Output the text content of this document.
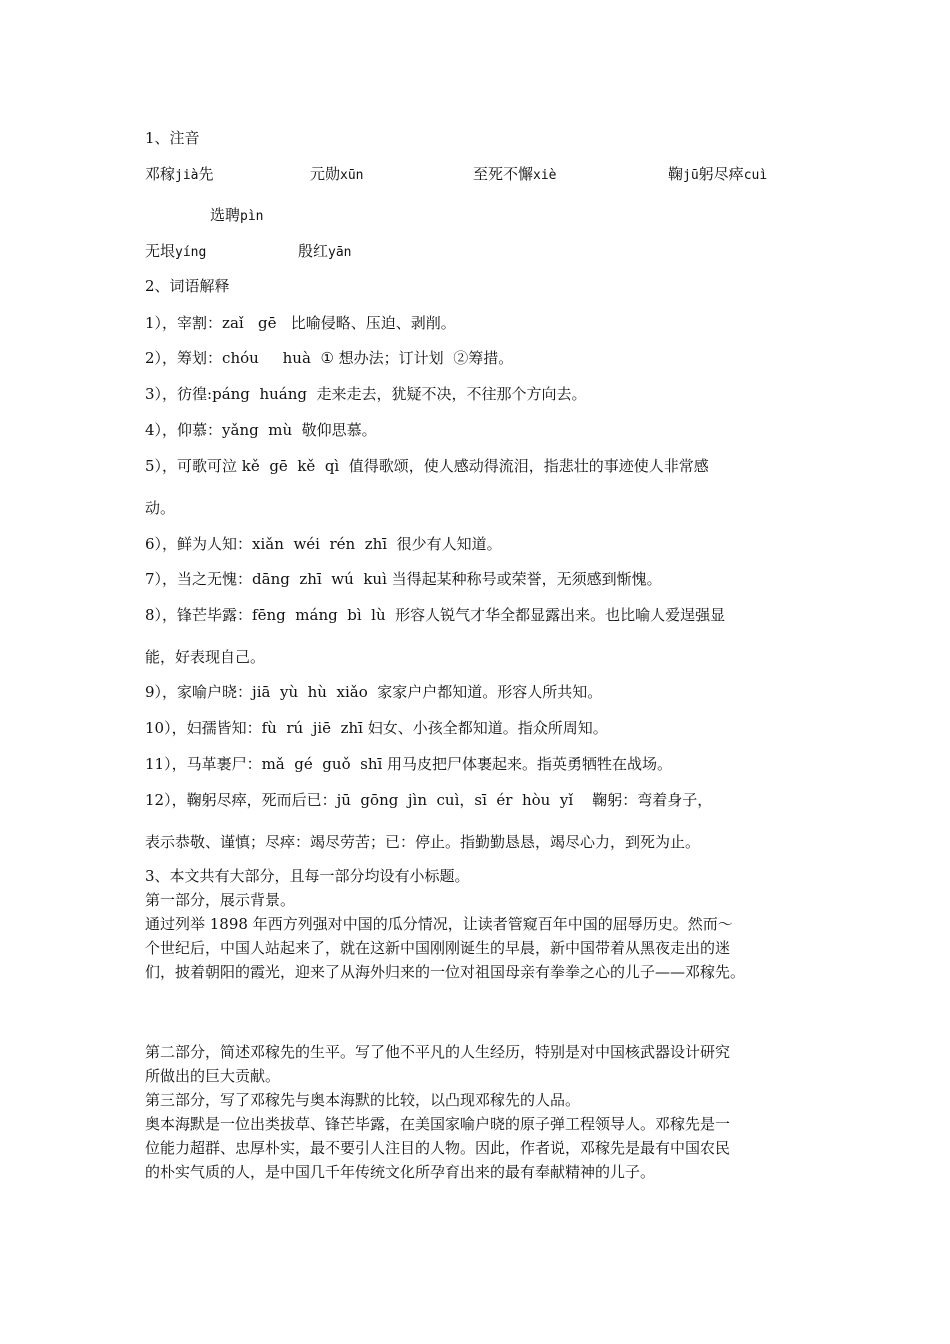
1、注音
邓稼jià先	元勋xūn	至死不懈xiè	鞠jū躬尽瘁cuì
选聘pìn
无垠yíng	殷红yān
2、词语解释
1），宰割：zaǐ   gē   比喻侵略、压迫、剥削。
2），筹划：chóu     huà  ① 想办法；订计划  ②筹措。
3），彷徨:páng  huáng  走来走去，犹疑不决，不往那个方向去。
4），仰慕：yǎng  mù  敬仰思慕。
5），可歌可泣 kě  gē  kě  qì  值得歌颂，使人感动得流泪，指悲壮的事迹使人非常感
动。
6），鲜为人知：xiǎn  wéi  rén  zhī  很少有人知道。
7），当之无愧：dāng  zhī  wú  kuì 当得起某种称号或荣誉，无须感到惭愧。
8），锋芒毕露：fēng  máng  bì  lù  形容人锐气才华全都显露出来。也比喻人爱逞强显
能，好表现自己。
9），家喻户晓：jiā  yù  hù  xiǎo  家家户户都知道。形容人所共知。
10），妇孺皆知：fù  rú  jiē  zhī 妇女、小孩全都知道。指众所周知。
11），马革裹尸：mǎ  gé  guǒ  shī 用马皮把尸体裹起来。指英勇牺牲在战场。
12），鞠躬尽瘁，死而后已：jū  gōng  jìn  cuì，sī  ér  hòu  yǐ    鞠躬：弯着身子，
表示恭敬、谨慎；尽瘁：竭尽劳苦；已：停止。指勤勤恳恳，竭尽心力，到死为止。
3、本文共有大部分，且每一部分均设有小标题。
第一部分，展示背景。
通过列举 1898 年西方列强对中国的瓜分情况，让读者管窥百年中国的屈辱历史。然而～
个世纪后，中国人站起来了，就在这新中国刚刚诞生的早晨，新中国带着从黑夜走出的迷
们，披着朝阳的霞光，迎来了从海外归来的一位对祖国母亲有拳拳之心的儿子——邓稼先。
第二部分，简述邓稼先的生平。写了他不平凡的人生经历，特别是对中国核武器设计研究
所做出的巨大贡献。
第三部分，写了邓稼先与奥本海默的比较，以凸现邓稼先的人品。
奥本海默是一位出类拔草、锋芒毕露，在美国家喻户晓的原子弹工程领导人。邓稼先是一
位能力超群、忠厚朴实，最不要引人注目的人物。因此，作者说，邓稼先是最有中国农民
的朴实气质的人，是中国几千年传统文化所孕育出来的最有奉献精神的儿子。
